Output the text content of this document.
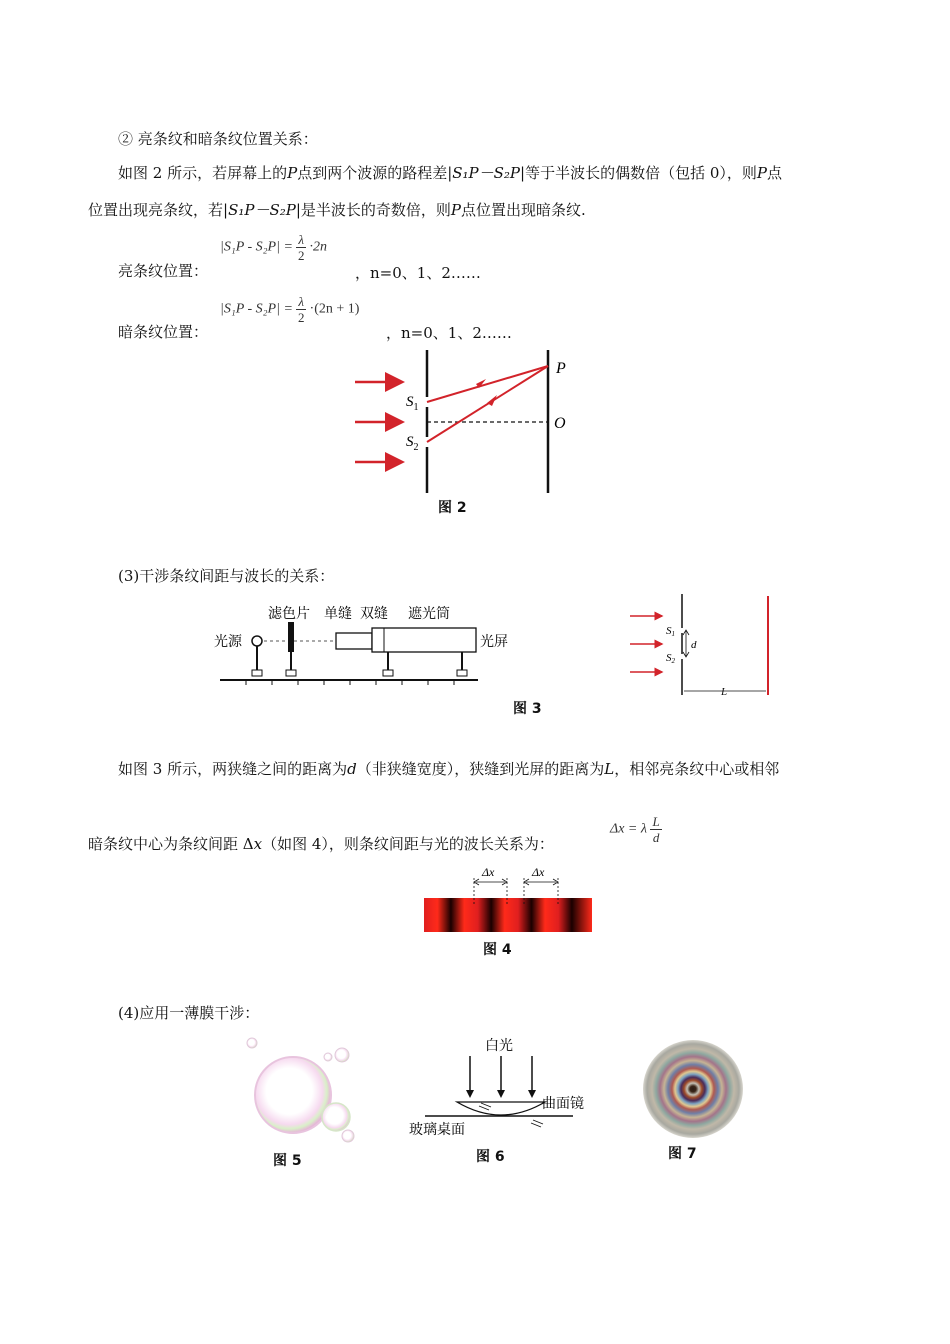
② 亮条纹和暗条纹位置关系：
如图 2 所示，若屏幕上的P点到两个波源的路程差|S₁P－S₂P|等于半波长的偶数倍（包括 0），则P点
位置出现亮条纹，若|S₁P－S₂P|是半波长的奇数倍，则P点位置出现暗条纹.
亮条纹位置：
$|S_1P - S_2P| = \frac{\lambda}{2} \cdot 2n$
，n=0、1、2……
暗条纹位置：
$|S_1P - S_2P| = \frac{\lambda}{2} \cdot(2n + 1)$
，n=0、1、2……
P
O
$S_1$
$S_2$
图 2
(3)干涉条纹间距与波长的关系：
滤色片 单缝 双缝 遮光筒
光源	光屏
S1
S2
d
L
图 3
如图 3 所示，两狭缝之间的距离为d（非狭缝宽度），狭缝到光屏的距离为L，相邻亮条纹中心或相邻
暗条纹中心为条纹间距 Δx（如图 4），则条纹间距与光的波长关系为：
Δx = λ $\frac{L}{d}$
Δx	Δx
图 4
(4)应用一薄膜干涉：
图 5
白光
曲面镜
玻璃桌面
图 6	图 7
